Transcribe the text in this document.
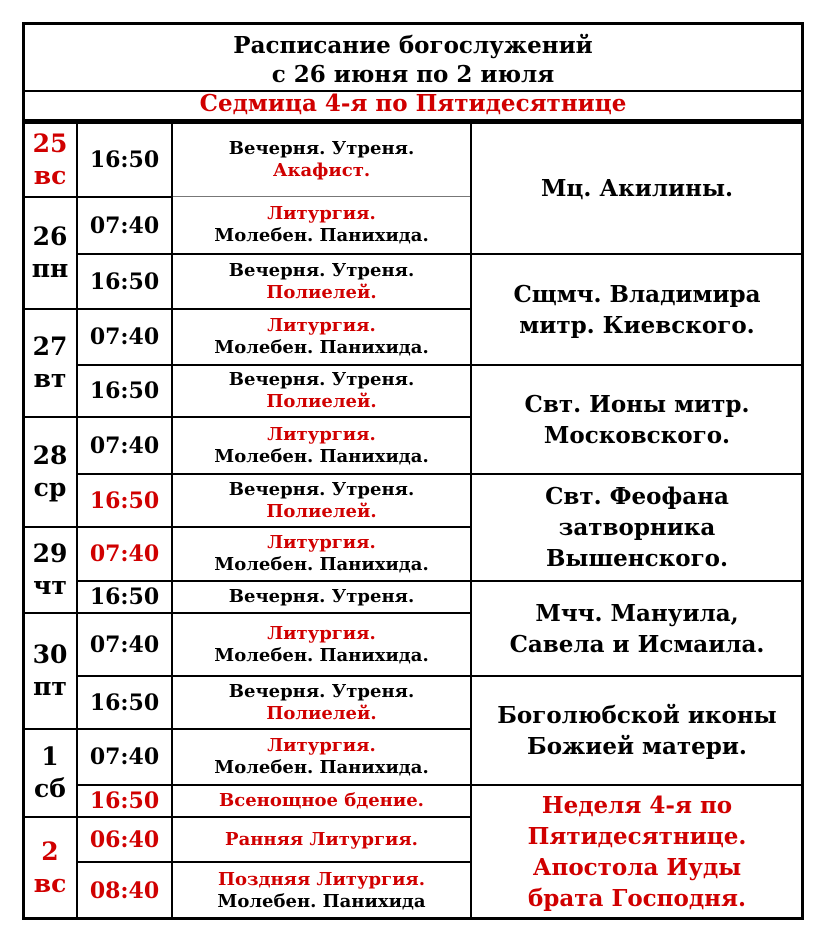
Расписание богослужений
с 26 июня по 2 июля
Седмица 4-я по Пятидесятнице
25
вс
26
пн
27
вт
28
ср
29
чт
30
пт
1
сб
2
вс
16:50
07:40
16:50
07:40
16:50
07:40
16:50
07:40
16:50
07:40
16:50
07:40
16:50
06:40
08:40
Вечерня. Утреня.
Акафист.
Литургия.
Молебен. Панихида.
Вечерня. Утреня.
Полиелей.
Литургия.
Молебен. Панихида.
Вечерня. Утреня.
Полиелей.
Литургия.
Молебен. Панихида.
Вечерня. Утреня.
Полиелей.
Литургия.
Молебен. Панихида.
Вечерня. Утреня.
Литургия.
Молебен. Панихида.
Вечерня. Утреня.
Полиелей.
Литургия.
Молебен. Панихида.
Всенощное бдение.
Ранняя Литургия.
Поздняя Литургия.
Молебен. Панихида
Мц. Акилины.
Сщмч. Владимира
митр. Киевского.
Свт. Ионы митр.
Московского.
Свт. Феофана
затворника
Вышенского.
Мчч. Мануила,
Савела и Исмаила.
Боголюбской иконы
Божией матери.
Неделя 4-я по
Пятидесятнице.
Апостола Иуды
брата Господня.
